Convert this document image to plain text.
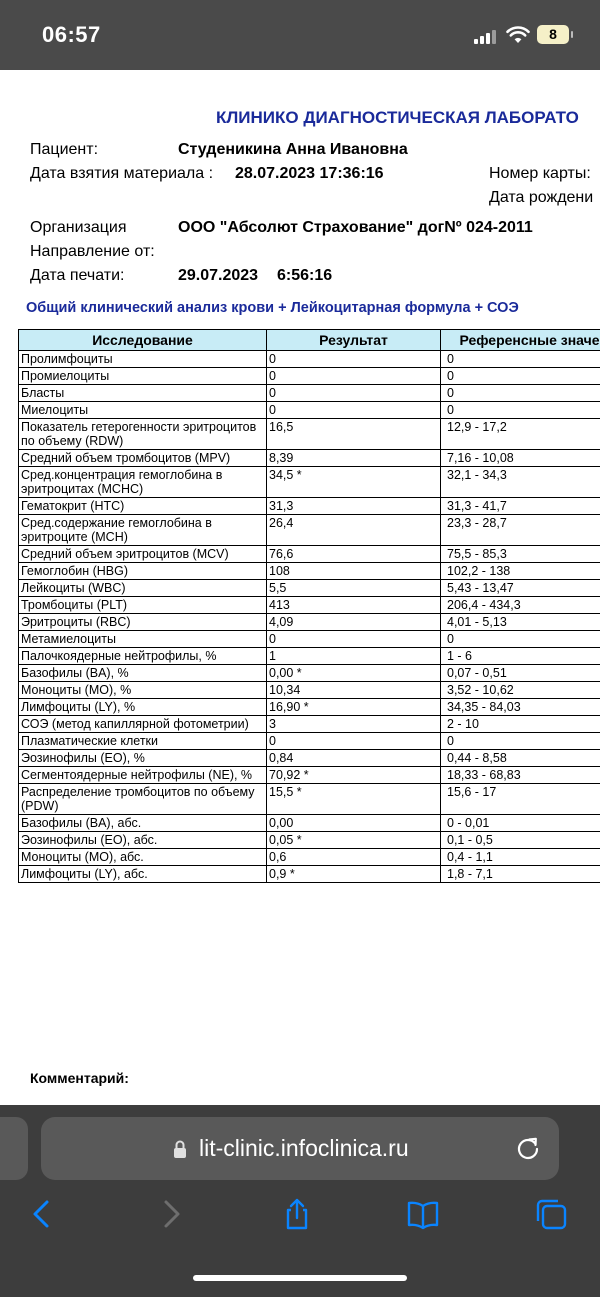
06:57	8
КЛИНИКО ДИАГНОСТИЧЕСКАЯ ЛАБОРАТО
Пациент:	Студеникина Анна Ивановна
Дата взятия материала : 28.07.2023 17:36:16	Номер карты:
Дата рождени
Организация	ООО "Абсолют Страхование" догNº 024-2011
Направление от:
Дата печати:	29.07.2023 6:56:16
Общий клинический анализ крови + Лейкоцитарная формула + СОЭ
Исследование	Результат	Референсные значе
Пролимфоциты	0	0
Промиелоциты	0	0
Бласты	0	0
Миелоциты	0	0
Показатель гетерогенности эритроцитов по объему (RDW)	16,5	12,9 - 17,2
Средний объем тромбоцитов (MPV)	8,39	7,16 - 10,08
Сред.концентрация гемоглобина в эритроцитах (MCHC)	34,5 *	32,1 - 34,3
Гематокрит (HTC)	31,3	31,3 - 41,7
Сред.содержание гемоглобина в эритроците (MCH)	26,4	23,3 - 28,7
Средний объем эритроцитов (MCV)	76,6	75,5 - 85,3
Гемоглобин (HBG)	108	102,2 - 138
Лейкоциты (WBC)	5,5	5,43 - 13,47
Тромбоциты (PLT)	413	206,4 - 434,3
Эритроциты (RBC)	4,09	4,01 - 5,13
Метамиелоциты	0	0
Палочкоядерные нейтрофилы, %	1	1 - 6
Базофилы (BA), %	0,00 *	0,07 - 0,51
Моноциты (MO), %	10,34	3,52 - 10,62
Лимфоциты (LY), %	16,90 *	34,35 - 84,03
СОЭ (метод капиллярной фотометрии)	3	2 - 10
Плазматические клетки	0	0
Эозинофилы (EO), %	0,84	0,44 - 8,58
Сегментоядерные нейтрофилы (NE), %	70,92 *	18,33 - 68,83
Распределение тромбоцитов по объему (PDW)	15,5 *	15,6 - 17
Базофилы (BA), абс.	0,00	0 - 0,01
Эозинофилы (EO), абс.	0,05 *	0,1 - 0,5
Моноциты (MO), абс.	0,6	0,4 - 1,1
Лимфоциты (LY), абс.	0,9 *	1,8 - 7,1
Комментарий:
lit-clinic.infoclinica.ru
